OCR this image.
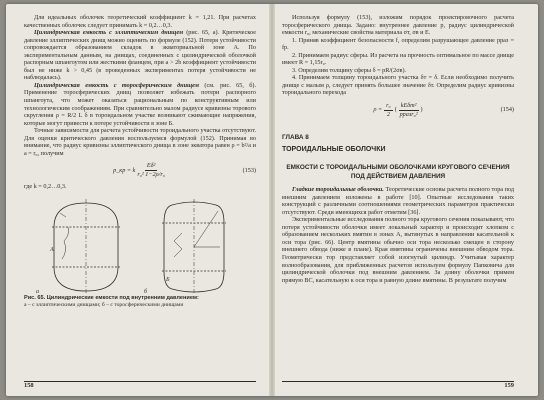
Для идеальных оболочек теоретический коэффициент k = 1,21. При расчетах качественных оболочек следует принимать k = 0,2…0,3.

Цилиндрическая емкость с эллиптическим днищем (рис. 65, а). Критическое давление эллиптических днищ можно оценить по формуле (152). Потеря устойчивости сопровождается образованием складок в экваториальной зоне А. По экспериментальным данным, на днищах, соединенных с цилиндрической оболочкой распорным шпангоутом или жесткими фланцем, при a > 2b коэффициент устойчивости был не ниже k > 0,45 (в проведенных экспериментах потеря устойчивости не наблюдалась).

Цилиндрическая емкость с торосферическим днищем (см. рис. 65, б). Применение торосферических днищ позволяет избежать потери распорного шпангоута, что может оказаться рациональным по конструктивным или технологическим соображениям. При сравнительно малом радиусе кривизны торового скругления ρ = R/2 L δ в тороидальном участке возникают сжимающие напряжения, которые могут привести к потере устойчивости в зоне Б.

Точные зависимости для расчета устойчивости тороидального участка отсутствуют. Для оценки критического давления воспользуемся формулой (152). Принимая во внимание, что радиус кривизны эллиптического днища в зоне экватора равен ρ = b²/a и a = r₀, получим

p_кр = k $\frac{\text{Eδ²}}{\text{r₀² 1−2ρ/r₀}}$	(153)

где k = 0,2…0,3.

А
Б
а	б
Рис. 65. Цилиндрические емкости под внутренним давлением:
а – с эллиптическими днищами; б – с торосферическими днищами
158

Используя формулу (153), изложим порядок проектировочного расчета торосферического днища. Задано: внутреннее давление p, радиус цилиндрической емкости r₀, механические свойства материала σт, σв и E.

1. Приняв коэффициент безопасности f, определим разрушающее давление pраз = fp.

2. Принимаем радиус сферы. Из расчета на прочность оптимальное по массе днище имеет R = 1,15r₀.

3. Определим толщину сферы δ = pR/(2σв).

4. Принимаем толщину тороидального участка δт = δ. Если необходимо получить днище с малым ρ, следует принять большее значение δт. Определим радиус кривизны тороидального перехода

$\rho = \frac{\text{r₀}}{2}$ ( $\frac{\text{kEδт²}}{\text{pразr₀²}}$ )	(154)
ГЛАВА 8
ТОРОИДАЛЬНЫЕ ОБОЛОЧКИ
ЕМКОСТИ С ТОРОИДАЛЬНЫМИ ОБОЛОЧКАМИ КРУГОВОГО СЕЧЕНИЯ ПОД ДЕЙСТВИЕМ ДАВЛЕНИЯ

Гладкие тороидальные оболочки. Теоретические основы расчета полного тора под внешним давлением изложены в работе [10]. Опытные исследования таких конструкций с различными соотношениями геометрических параметров практически отсутствуют. Среди имеющихся работ отметим [36].

Экспериментальные исследования полного тора кругового сечения показывают, что потеря устойчивости оболочки имеет локальный характер и происходит хлопком с образованием нескольких вмятин в зонах А, вытянутых в направлении касательной к оси тора (рис. 66). Центр вмятины обычно оси тора несколько смещен в сторону внешнего обвода (ниже в плане). Края вмятины ограничены внешним обводом тора. Геометрически тор представляет собой изогнутый цилиндр. Учитывая характер волнообразования, для приближенных расчетов используем формулу Папковича для цилиндрической оболочки под внешним давлением. За длину оболочки примем прямую ВС, касательную к оси тора и равную длине вмятины. В результате получим

159
